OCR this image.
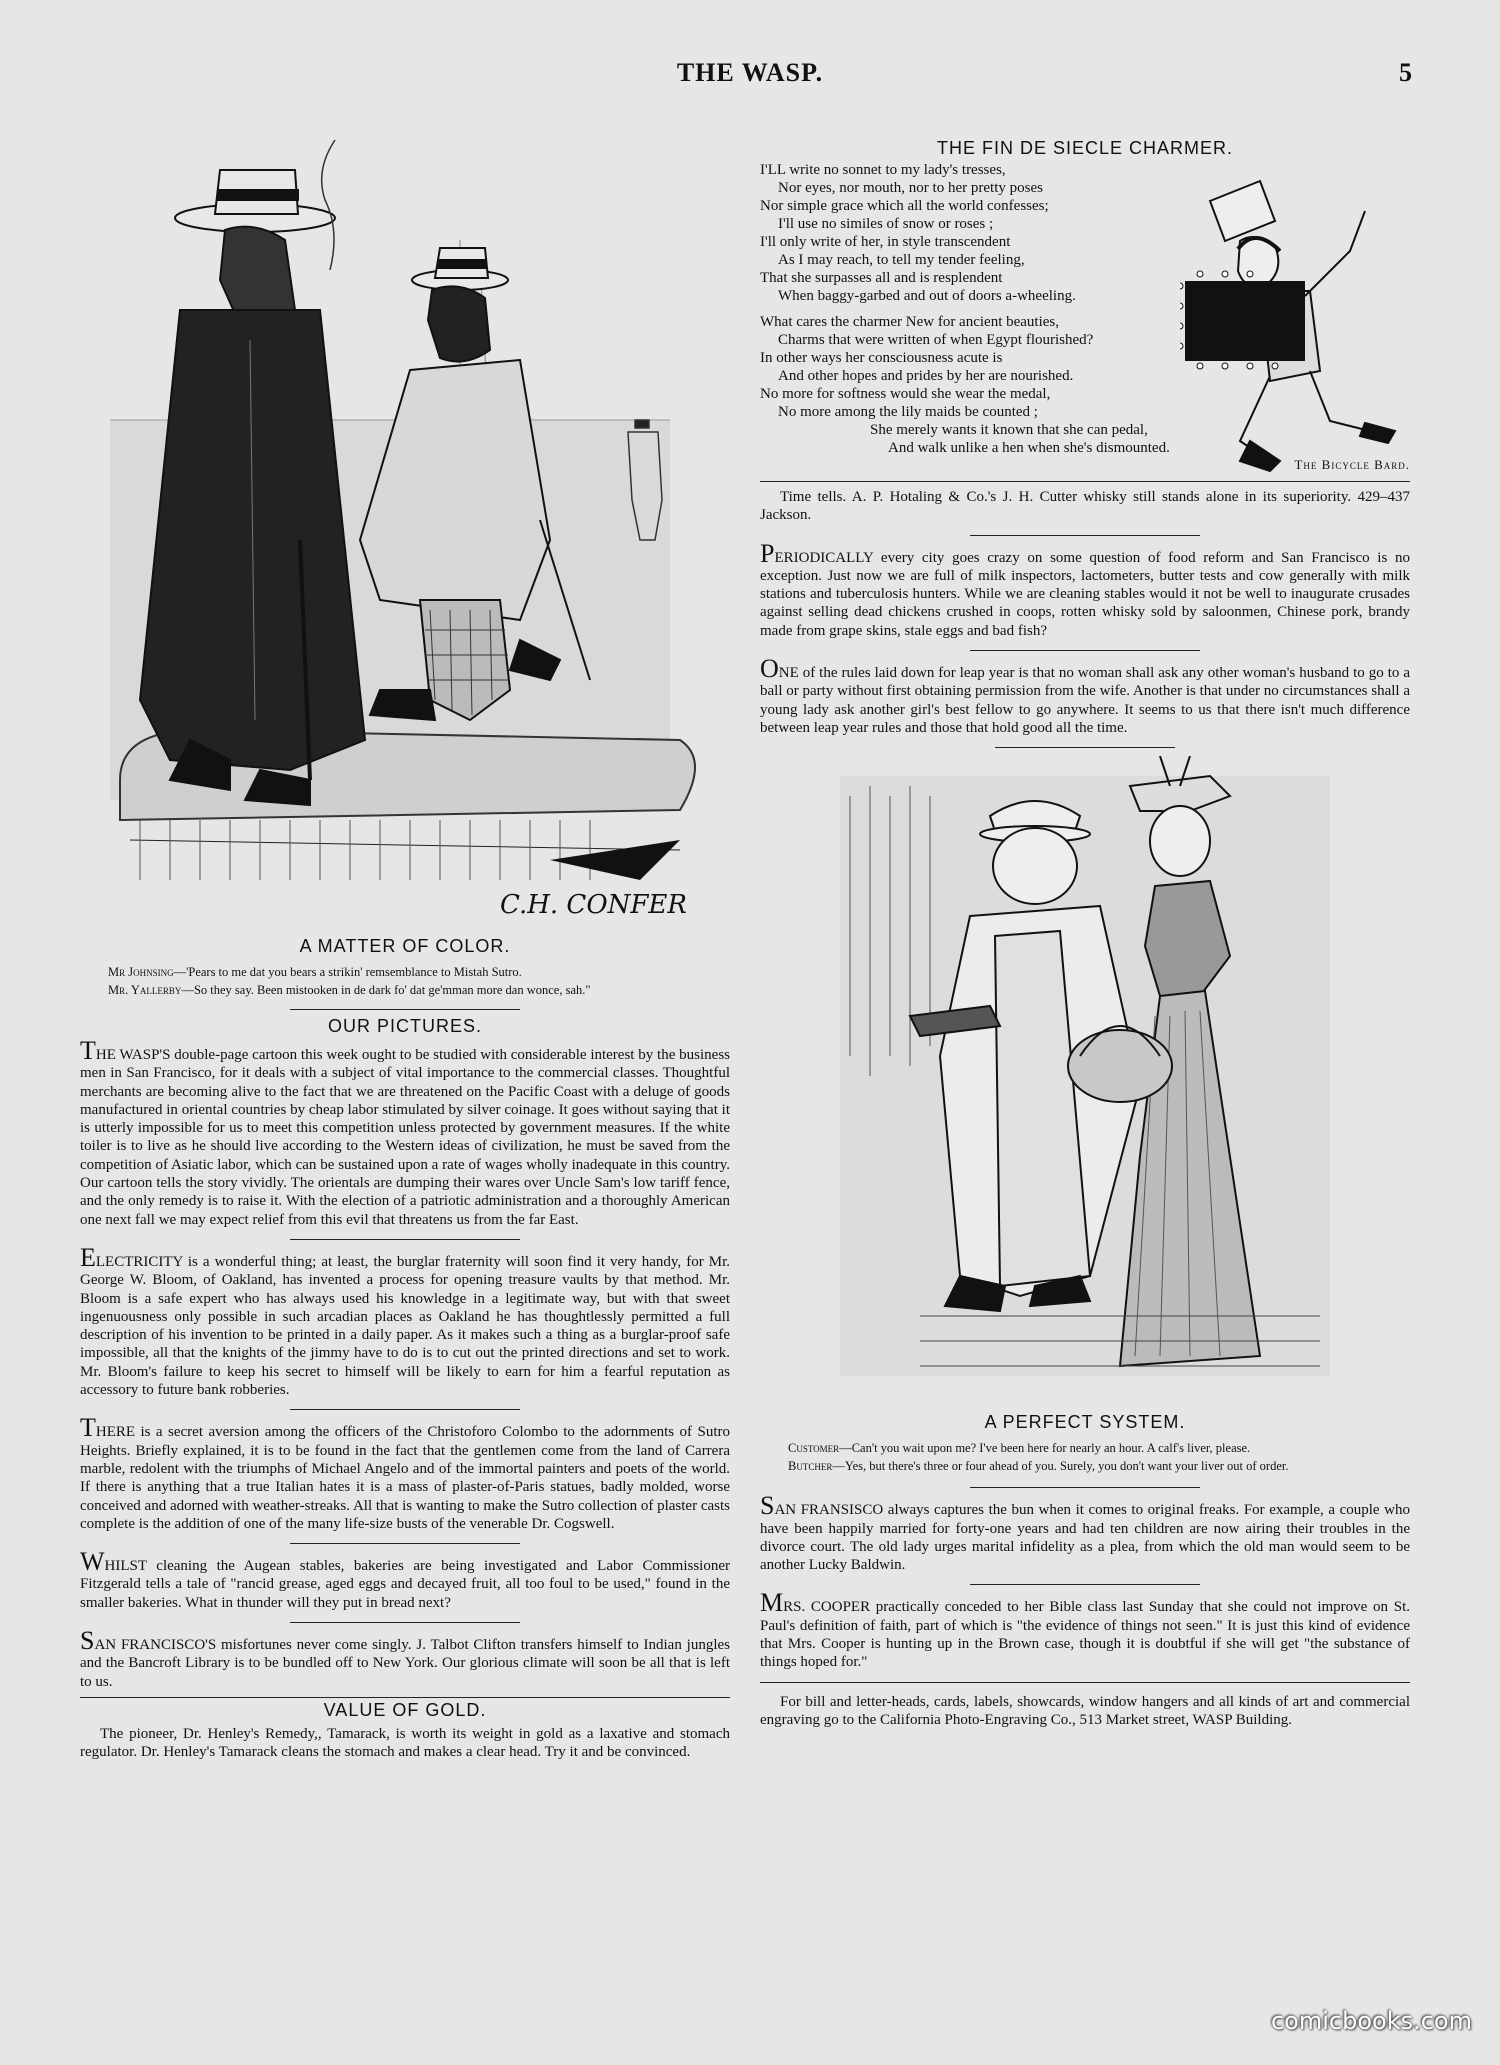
THE WASP.	5
C.H. CONFER
A MATTER OF COLOR.

Mr Johnsing—'Pears to me dat you bears a strikin' remsemblance to Mistah Sutro.

Mr. Yallerby—So they say. Been mistooken in de dark fo' dat ge'mman more dan wonce, sah."

OUR PICTURES.

THE WASP'S double-page cartoon this week ought to be studied with considerable interest by the business men in San Francisco, for it deals with a subject of vital importance to the commercial classes. Thoughtful merchants are becoming alive to the fact that we are threatened on the Pacific Coast with a deluge of goods manufactured in oriental countries by cheap labor stimulated by silver coinage. It goes without saying that it is utterly impossible for us to meet this competition unless protected by government measures. If the white toiler is to live as he should live according to the Western ideas of civilization, he must be saved from the competition of Asiatic labor, which can be sustained upon a rate of wages wholly inadequate in this country. Our cartoon tells the story vividly. The orientals are dumping their wares over Uncle Sam's low tariff fence, and the only remedy is to raise it. With the election of a patriotic administration and a thoroughly American one next fall we may expect relief from this evil that threatens us from the far East.

ELECTRICITY is a wonderful thing; at least, the burglar fraternity will soon find it very handy, for Mr. George W. Bloom, of Oakland, has invented a process for opening treasure vaults by that method. Mr. Bloom is a safe expert who has always used his knowledge in a legitimate way, but with that sweet ingenuousness only possible in such arcadian places as Oakland he has thoughtlessly permitted a full description of his invention to be printed in a daily paper. As it makes such a thing as a burglar-proof safe impossible, all that the knights of the jimmy have to do is to cut out the printed directions and set to work. Mr. Bloom's failure to keep his secret to himself will be likely to earn for him a fearful reputation as accessory to future bank robberies.

THERE is a secret aversion among the officers of the Christoforo Colombo to the adornments of Sutro Heights. Briefly explained, it is to be found in the fact that the gentlemen come from the land of Carrera marble, redolent with the triumphs of Michael Angelo and of the immortal painters and poets of the world. If there is anything that a true Italian hates it is a mass of plaster-of-Paris statues, badly molded, worse conceived and adorned with weather-streaks. All that is wanting to make the Sutro collection of plaster casts complete is the addition of one of the many life-size busts of the venerable Dr. Cogswell.

WHILST cleaning the Augean stables, bakeries are being investigated and Labor Commissioner Fitzgerald tells a tale of "rancid grease, aged eggs and decayed fruit, all too foul to be used," found in the smaller bakeries. What in thunder will they put in bread next?

SAN FRANCISCO'S misfortunes never come singly. J. Talbot Clifton transfers himself to Indian jungles and the Bancroft Library is to be bundled off to New York. Our glorious climate will soon be all that is left to us.

VALUE OF GOLD.

The pioneer, Dr. Henley's Remedy,, Tamarack, is worth its weight in gold as a laxative and stomach regulator. Dr. Henley's Tamarack cleans the stomach and makes a clear head. Try it and be convinced.

THE FIN DE SIECLE CHARMER.
I'LL write no sonnet to my lady's tresses,
Nor eyes, nor mouth, nor to her pretty poses
Nor simple grace which all the world confesses;
I'll use no similes of snow or roses ;
I'll only write of her, in style transcendent
As I may reach, to tell my tender feeling,
That she surpasses all and is resplendent
When baggy-garbed and out of doors a-wheeling.
What cares the charmer New for ancient beauties,
Charms that were written of when Egypt flourished?
In other ways her consciousness acute is
And other hopes and prides by her are nourished.
No more for softness would she wear the medal,
No more among the lily maids be counted ;
She merely wants it known that she can pedal,
And walk unlike a hen when she's dismounted.
The Bicycle Bard.

Time tells. A. P. Hotaling & Co.'s J. H. Cutter whisky still stands alone in its superiority. 429–437 Jackson.

PERIODICALLY every city goes crazy on some question of food reform and San Francisco is no exception. Just now we are full of milk inspectors, lactometers, butter tests and cow generally with milk stations and tuberculosis hunters. While we are cleaning stables would it not be well to inaugurate crusades against selling dead chickens crushed in coops, rotten whisky sold by saloonmen, Chinese pork, brandy made from grape skins, stale eggs and bad fish?

ONE of the rules laid down for leap year is that no woman shall ask any other woman's husband to go to a ball or party without first obtaining permission from the wife. Another is that under no circumstances shall a young lady ask another girl's best fellow to go anywhere. It seems to us that there isn't much difference between leap year rules and those that hold good all the time.

A PERFECT SYSTEM.

Customer—Can't you wait upon me? I've been here for nearly an hour. A calf's liver, please.

Butcher—Yes, but there's three or four ahead of you. Surely, you don't want your liver out of order.

SAN FRANSISCO always captures the bun when it comes to original freaks. For example, a couple who have been happily married for forty-one years and had ten children are now airing their troubles in the divorce court. The old lady urges marital infidelity as a plea, from which the old man would seem to be another Lucky Baldwin.

MRS. COOPER practically conceded to her Bible class last Sunday that she could not improve on St. Paul's definition of faith, part of which is "the evidence of things not seen." It is just this kind of evidence that Mrs. Cooper is hunting up in the Brown case, though it is doubtful if she will get "the substance of things hoped for."

For bill and letter-heads, cards, labels, showcards, window hangers and all kinds of art and commercial engraving go to the California Photo-Engraving Co., 513 Market street, WASP Building.

comicbooks.com
